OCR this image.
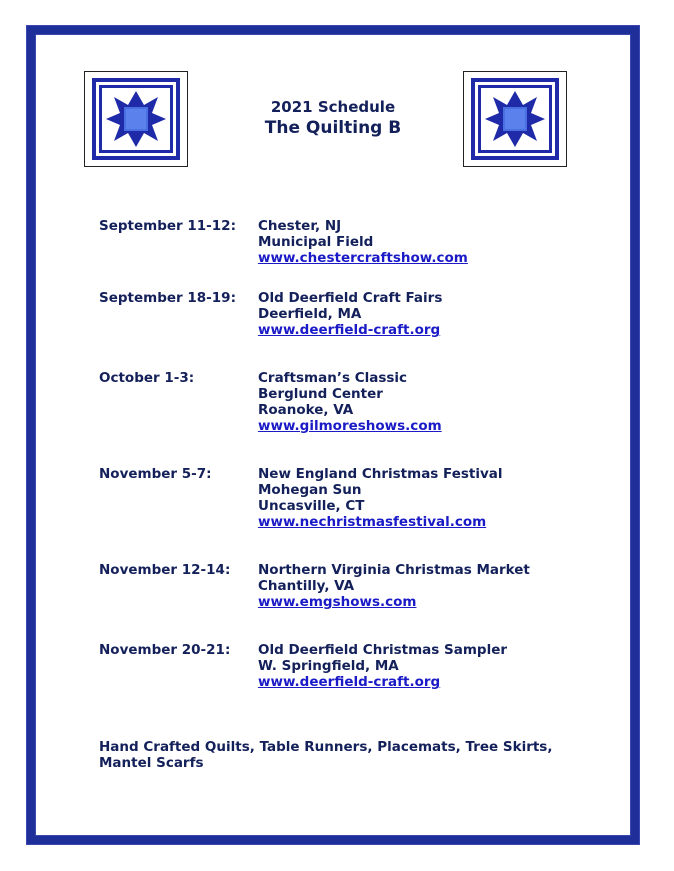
2021 Schedule
The Quilting B
September 11-12: Chester, NJ
Municipal Field
www.chestercraftshow.com
September 18-19: Old Deerfield Craft Fairs
Deerfield, MA
www.deerfield-craft.org
October 1-3:	Craftsman’s Classic
Berglund Center
Roanoke, VA
www.gilmoreshows.com
November 5-7:	New England Christmas Festival
Mohegan Sun
Uncasville, CT
www.nechristmasfestival.com
November 12-14: Northern Virginia Christmas Market
Chantilly, VA
www.emgshows.com
November 20-21: Old Deerfield Christmas Sampler
W. Springfield, MA
www.deerfield-craft.org
Hand Crafted Quilts, Table Runners, Placemats, Tree Skirts,
Mantel Scarfs
